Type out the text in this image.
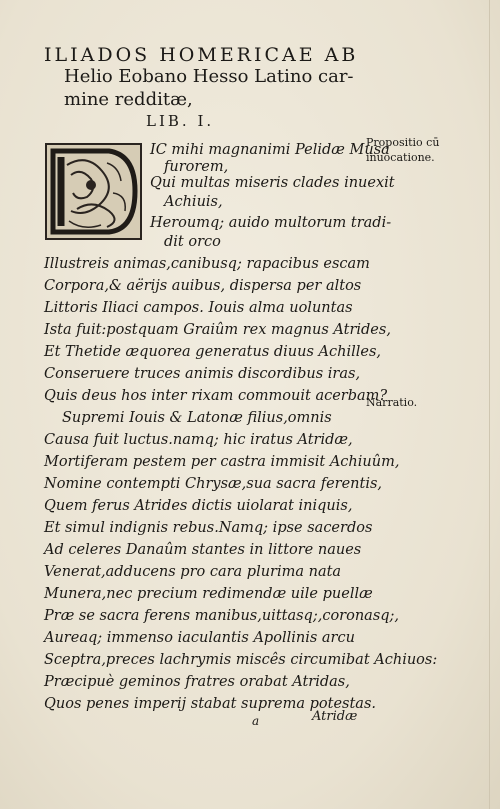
ILIADOS HOMERICAE AB
Helio Eobano Hesso Latino car-
mine redditæ,
LIB. I.
D	IC mihi magnanimi Pelidæ Musa
furorem,
Qui multas miseris clades inuexit
Achiuis,
Heroumq; auido multorum tradi-
dit orco
Illustreis animas,canibusq; rapacibus escam
Corpora,& aërijs auibus, dispersa per altos
Littoris Iliaci campos. Iouis alma uoluntas
Ista fuit:postquam Graiûm rex magnus Atrides,
Et Thetide æquorea generatus diuus Achilles,
Conseruere truces animis discordibus iras,
Quis deus hos inter rixam commouit acerbam?
Supremi Iouis & Latonæ filius,omnis
Causa fuit luctus.namq; hic iratus Atridæ,
Mortiferam pestem per castra immisit Achiuûm,
Nomine contempti Chrysæ,sua sacra ferentis,
Quem ferus Atrides dictis uiolarat iniquis,
Et simul indignis rebus.Namq; ipse sacerdos
Ad celeres Danaûm stantes in littore naues
Venerat,adducens pro cara plurima nata
Munera,nec precium redimendæ uile puellæ
Præ se sacra ferens manibus,uittasq;,coronasq;,
Aureaq; immenso iaculantis Apollinis arcu
Sceptra,preces lachrymis miscês circumibat Achiuos:
Præcipuè geminos fratres orabat Atridas,
Quos penes imperij stabat suprema potestas.
Propositio cū
inuocatione.
Narratio.
a	Atridæ
